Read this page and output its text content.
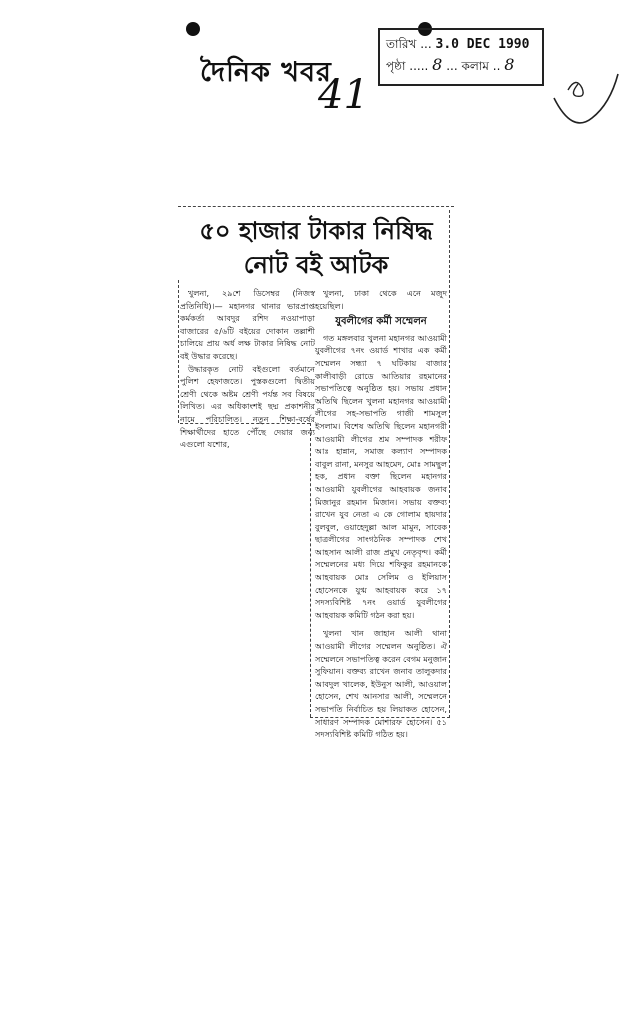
দৈনিক খবর
41
তারিখ ... 3.0 DEC 1990
পৃষ্ঠা ..... 8 ... কলাম .. 8
৫০ হাজার টাকার নিষিদ্ধ
নোট বই আটক

খুলনা, ২৯শে ডিসেম্বর (নিজস্ব প্রতিনিধি)।— মহানগর থানার ভারপ্রাপ্ত কর্মকর্তা আবদুর রশিদ নওয়াপাড়া বাজারের ৫/৬টি বইয়ের দোকান তল্লাশী চালিয়ে প্রায় অর্ধ লক্ষ টাকার নিষিদ্ধ নোট বই উদ্ধার করেছে।

উদ্ধারকৃত নোট বইগুলো বর্তমানে পুলিশ হেফাজতে। পুস্তকগুলো দ্বিতীয় শ্রেণী থেকে অষ্টম শ্রেণী পর্যন্ত সব বিষয়ে লিখিত। এর অধিকাংশই ছদ্ম প্রকাশনীর নামে পরিচালিত। নতুন শিক্ষা-বর্ষের শিক্ষার্থীদের হাতে পৌঁছে দেয়ার জন্য এগুলো যশোর,

খুলনা, ঢাকা থেকে এনে মজুদ হয়েছিল।

যুবলীগের কর্মী সম্মেলন

গত মঙ্গলবার খুলনা মহানগর আওয়ামী যুবলীগের ৭নং ওয়ার্ড শাখার এক কর্মী সম্মেলন সন্ধ্যা ৭ ঘটিকায় বাজার কালীবাড়ী রোডে আতিয়ার রহমানের সভাপতিত্বে অনুষ্ঠিত হয়। সভায় প্রধান অতিথি ছিলেন খুলনা মহানগর আওয়ামী লীগের সহ-সভাপতি গাজী শামসুল ইসলাম। বিশেষ অতিথি ছিলেন মহানগরী আওয়ামী লীগের শ্রম সম্পাদক শরীফ আঃ হান্নান, সমাজ কল্যাণ সম্পাদক বাবুল রানা, মনসুর আহমেদ, মোঃ সামছুল হক, প্রধান বক্তা ছিলেন মহানগর আওয়ামী যুবলীগের আহবায়ক জনাব মিজানুর রহমান মিজান। সভায় বক্তব্য রাখেন যুব নেতা এ কে গোলাম হায়দার বুলবুল, ওয়াহেদুল্লা আল মামুন, সাবেক ছাত্রলীগের সাংগঠনিক সম্পাদক শেখ আহসান আলী রাজ প্রমুখ নেতৃবৃন্দ। কর্মী সম্মেলনের মধ্য দিয়ে শফিকুর রহমানকে আহবায়ক মোঃ সেলিম ও ইলিয়াস হোসেনকে যুগ্ম আহবায়ক করে ১৭ সদস্যবিশিষ্ট ৭নং ওয়ার্ড যুবলীগের আহবায়ক কমিটি গঠন করা হয়।

খুলনা খান জাহান আলী থানা আওয়ামী লীগের সম্মেলন অনুষ্ঠিত। ঐ সম্মেলনে সভাপতিত্ব করেন বেগম মনুজান সুফিয়ান। বক্তব্য রাখেন জনাব তালুকদার আবদুল খালেক, ইউনুস আলী, আওয়াল হোসেন, শেখ আনসার আলী, সম্মেলনে সভাপতি নির্বাচিত হয় লিয়াকত হোসেন, সাধারণ সম্পাদক মোশারফ হোসেন। ৫১ সদস্যবিশিষ্ট কমিটি গঠিত হয়।
